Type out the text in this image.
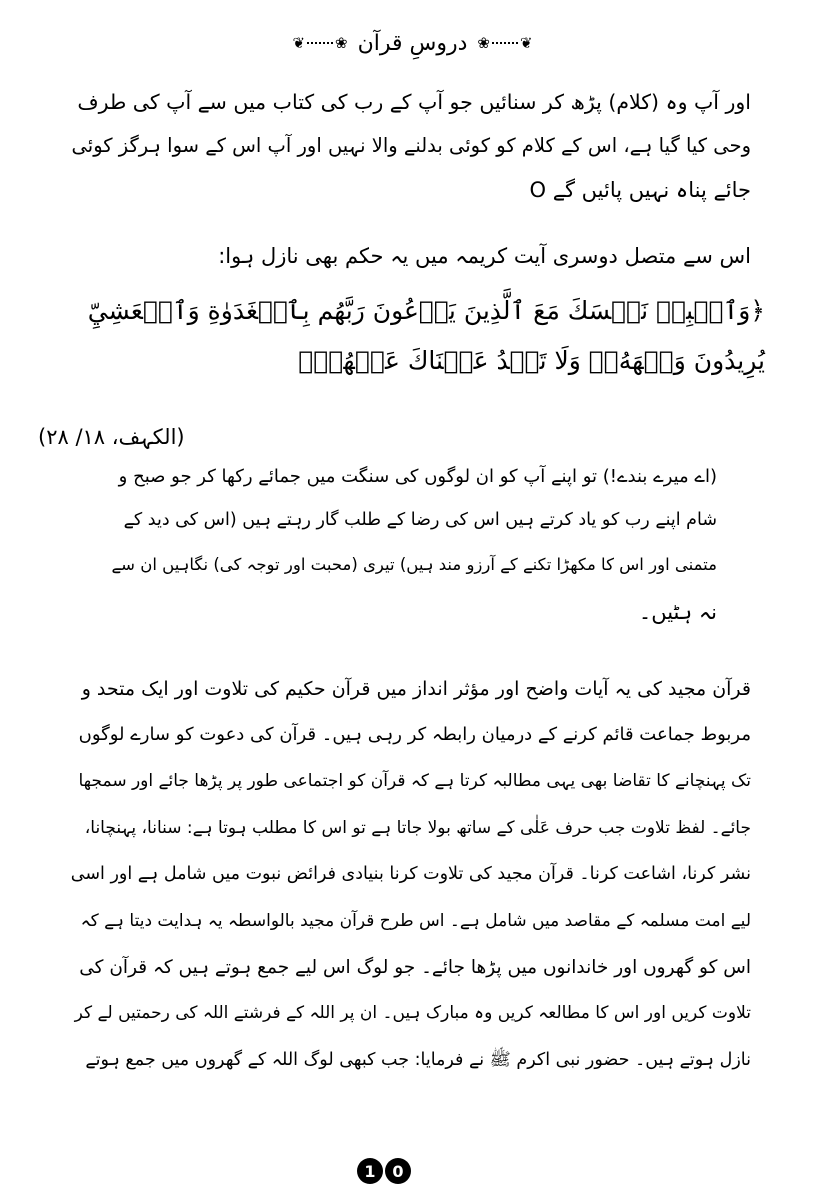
❀ ❦
دروسِ قرآن
❦ ❀
اور آپ وہ (کلام) پڑھ کر سنائیں جو آپ کے رب کی کتاب میں سے آپ کی طرف
وحی کیا گیا ہے، اس کے کلام کو کوئی بدلنے والا نہیں اور آپ اس کے سوا ہرگز کوئی
جائے پناہ نہیں پائیں گے O
اس سے متصل دوسری آیت کریمہ میں یہ حکم بھی نازل ہوا:
﴿وَٱصۡبِرۡ نَفۡسَكَ مَعَ ٱلَّذِينَ يَدۡعُونَ رَبَّهُم بِٱلۡغَدَوٰةِ وَٱلۡعَشِيِّ
يُرِيدُونَ وَجۡهَهُۥۖ وَلَا تَعۡدُ عَيۡنَاكَ عَنۡهُمۡ﴾
(الکہف، ۱۸/ ۲۸)
(اے میرے بندے!) تو اپنے آپ کو ان لوگوں کی سنگت میں جمائے رکھا کر جو صبح و
شام اپنے رب کو یاد کرتے ہیں اس کی رضا کے طلب گار رہتے ہیں (اس کی دید کے
متمنی اور اس کا مکھڑا تکنے کے آرزو مند ہیں) تیری (محبت اور توجہ کی) نگاہیں ان سے
نہ ہٹیں۔
قرآن مجید کی یہ آیات واضح اور مؤثر انداز میں قرآن حکیم کی تلاوت اور ایک متحد و
مربوط جماعت قائم کرنے کے درمیان رابطہ کر رہی ہیں۔ قرآن کی دعوت کو سارے لوگوں
تک پہنچانے کا تقاضا بھی یہی مطالبہ کرتا ہے کہ قرآن کو اجتماعی طور پر پڑھا جائے اور سمجھا
جائے۔ لفظ تلاوت جب حرف عَلٰی کے ساتھ بولا جاتا ہے تو اس کا مطلب ہوتا ہے: سنانا، پہنچانا،
نشر کرنا، اشاعت کرنا۔ قرآن مجید کی تلاوت کرنا بنیادی فرائض نبوت میں شامل ہے اور اسی
لیے امت مسلمہ کے مقاصد میں شامل ہے۔ اس طرح قرآن مجید بالواسطہ یہ ہدایت دیتا ہے کہ
اس کو گھروں اور خاندانوں میں پڑھا جائے۔ جو لوگ اس لیے جمع ہوتے ہیں کہ قرآن کی
تلاوت کریں اور اس کا مطالعہ کریں وہ مبارک ہیں۔ ان پر اللہ کے فرشتے اللہ کی رحمتیں لے کر
نازل ہوتے ہیں۔ حضور نبی اکرم ﷺ نے فرمایا: جب کبھی لوگ اللہ کے گھروں میں جمع ہوتے
1	0
